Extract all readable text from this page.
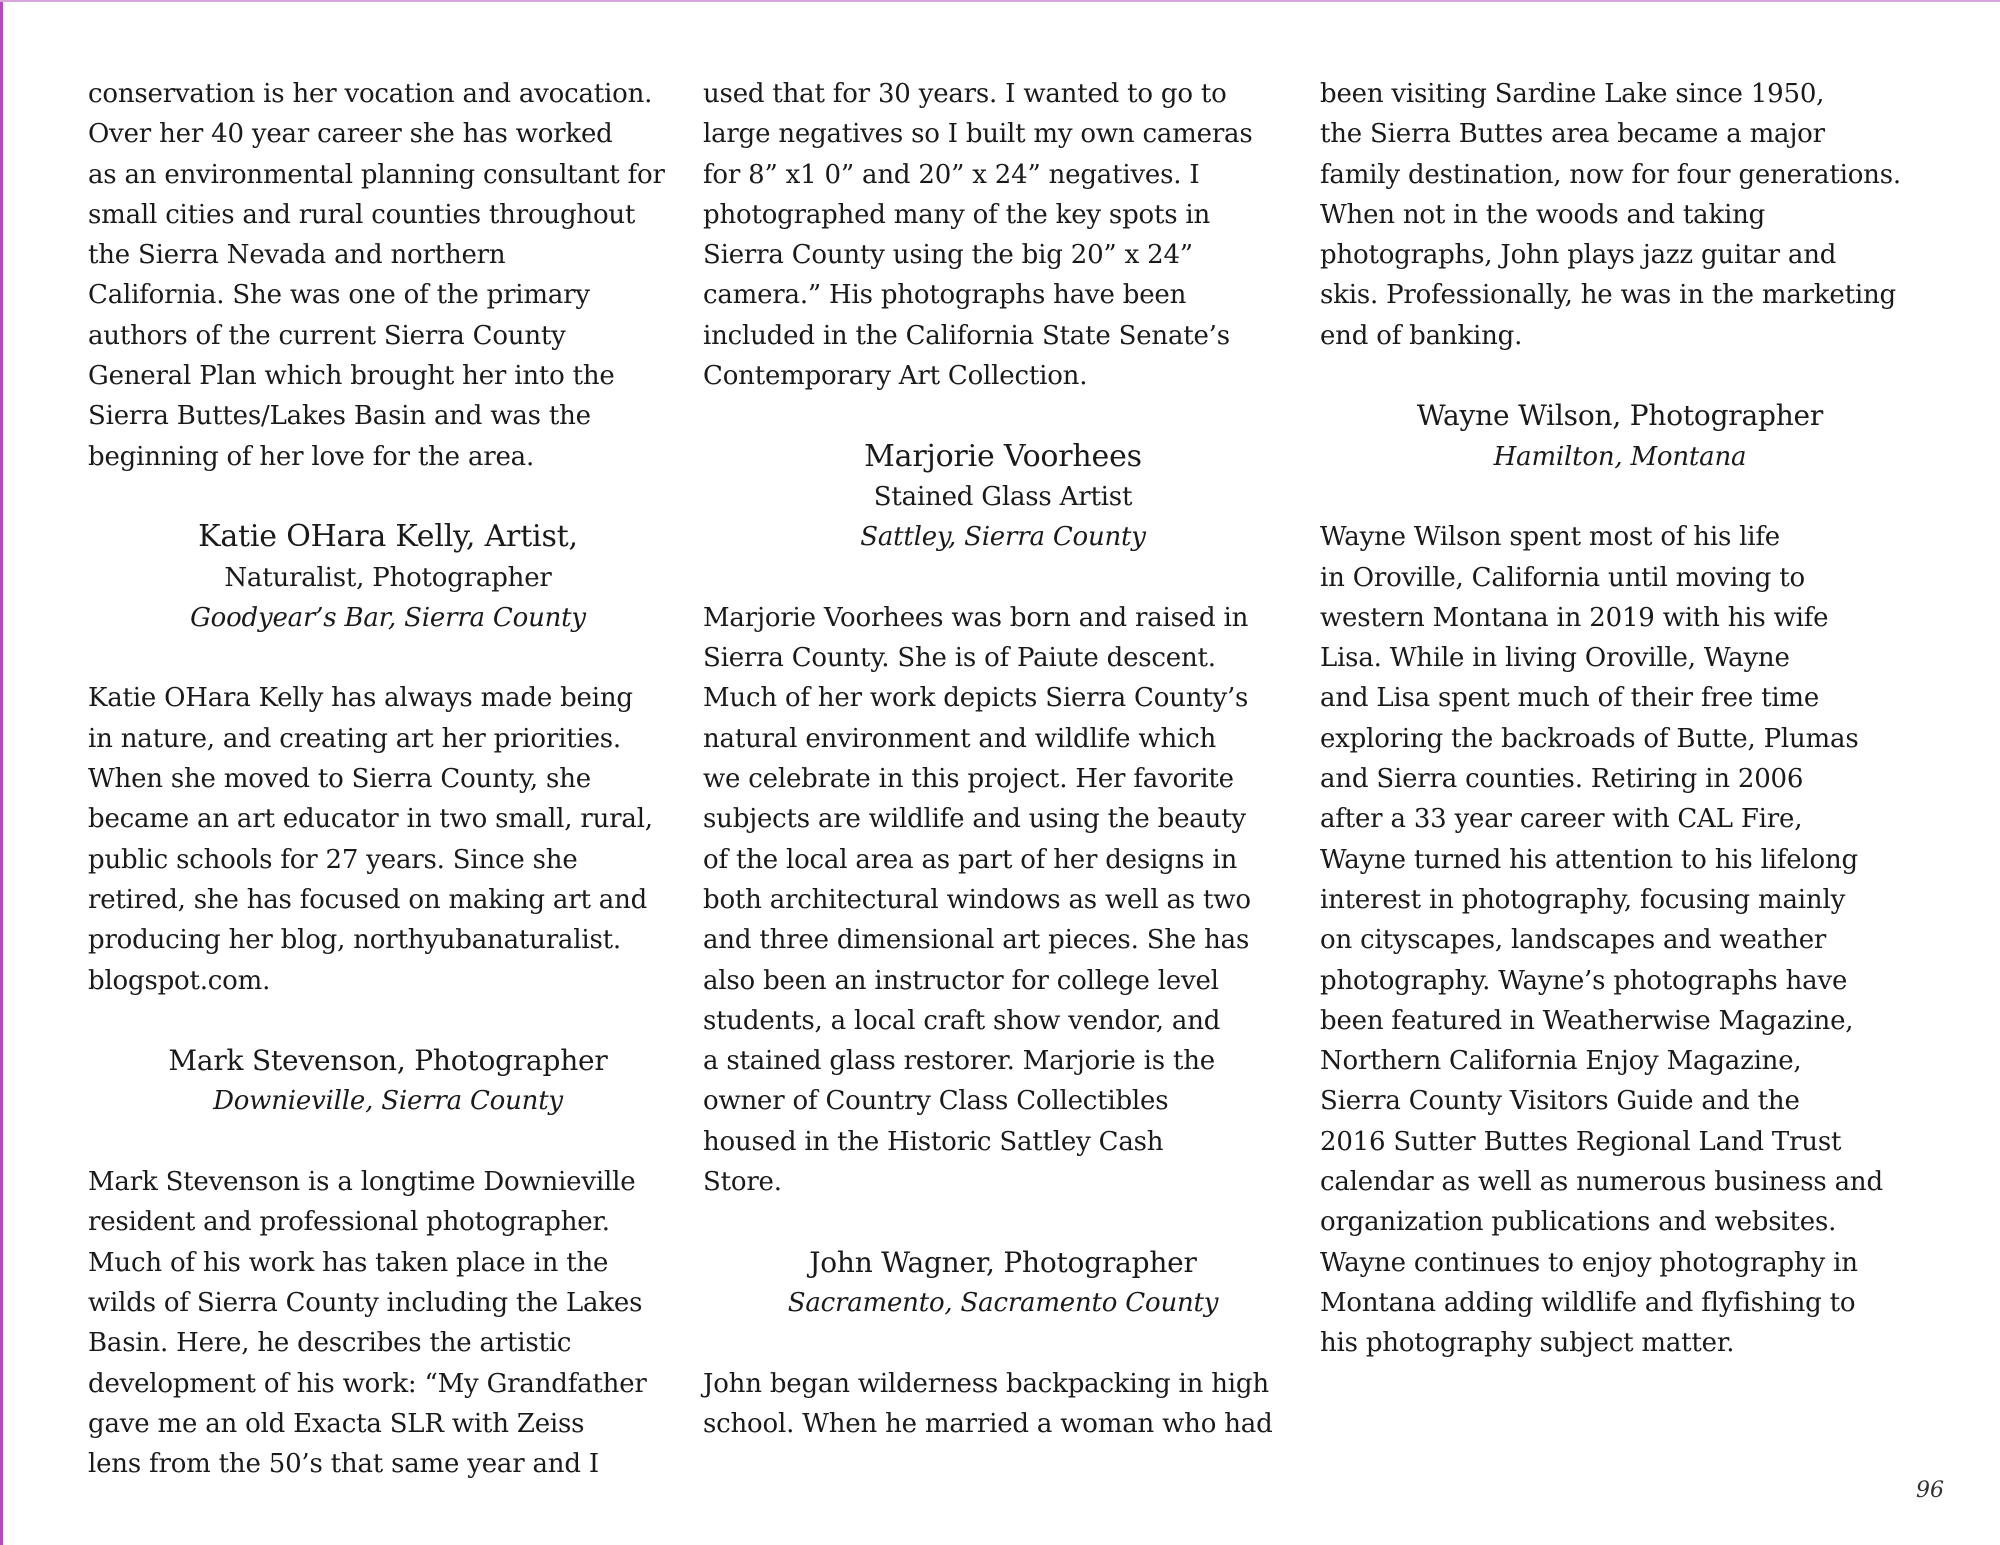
conservation is her vocation and avocation.
Over her 40 year career she has worked
as an environmental planning consultant for
small cities and rural counties throughout
the Sierra Nevada and northern
California. She was one of the primary
authors of the current Sierra County
General Plan which brought her into the
Sierra Buttes/Lakes Basin and was the
beginning of her love for the area.
Katie OHara Kelly, Artist,
Naturalist, Photographer
Goodyear’s Bar, Sierra County
Katie OHara Kelly has always made being
in nature, and creating art her priorities.
When she moved to Sierra County, she
became an art educator in two small, rural,
public schools for 27 years. Since she
retired, she has focused on making art and
producing her blog, northyubanaturalist.
blogspot.com.
Mark Stevenson, Photographer
Downieville, Sierra County
Mark Stevenson is a longtime Downieville
resident and professional photographer.
Much of his work has taken place in the
wilds of Sierra County including the Lakes
Basin. Here, he describes the artistic
development of his work: “My Grandfather
gave me an old Exacta SLR with Zeiss
lens from the 50’s that same year and I
used that for 30 years. I wanted to go to
large negatives so I built my own cameras
for 8” x1 0” and 20” x 24” negatives. I
photographed many of the key spots in
Sierra County using the big 20” x 24”
camera.” His photographs have been
included in the California State Senate’s
Contemporary Art Collection.
Marjorie Voorhees
Stained Glass Artist
Sattley, Sierra County
Marjorie Voorhees was born and raised in
Sierra County. She is of Paiute descent.
Much of her work depicts Sierra County’s
natural environment and wildlife which
we celebrate in this project. Her favorite
subjects are wildlife and using the beauty
of the local area as part of her designs in
both architectural windows as well as two
and three dimensional art pieces. She has
also been an instructor for college level
students, a local craft show vendor, and
a stained glass restorer. Marjorie is the
owner of Country Class Collectibles
housed in the Historic Sattley Cash
Store.
John Wagner, Photographer
Sacramento, Sacramento County
John began wilderness backpacking in high
school. When he married a woman who had
been visiting Sardine Lake since 1950,
the Sierra Buttes area became a major
family destination, now for four generations.
When not in the woods and taking
photographs, John plays jazz guitar and
skis. Professionally, he was in the marketing
end of banking.
Wayne Wilson, Photographer
Hamilton, Montana
Wayne Wilson spent most of his life
in Oroville, California until moving to
western Montana in 2019 with his wife
Lisa. While in living Oroville, Wayne
and Lisa spent much of their free time
exploring the backroads of Butte, Plumas
and Sierra counties. Retiring in 2006
after a 33 year career with CAL Fire,
Wayne turned his attention to his lifelong
interest in photography, focusing mainly
on cityscapes, landscapes and weather
photography. Wayne’s photographs have
been featured in Weatherwise Magazine,
Northern California Enjoy Magazine,
Sierra County Visitors Guide and the
2016 Sutter Buttes Regional Land Trust
calendar as well as numerous business and
organization publications and websites.
Wayne continues to enjoy photography in
Montana adding wildlife and flyfishing to
his photography subject matter.
96
